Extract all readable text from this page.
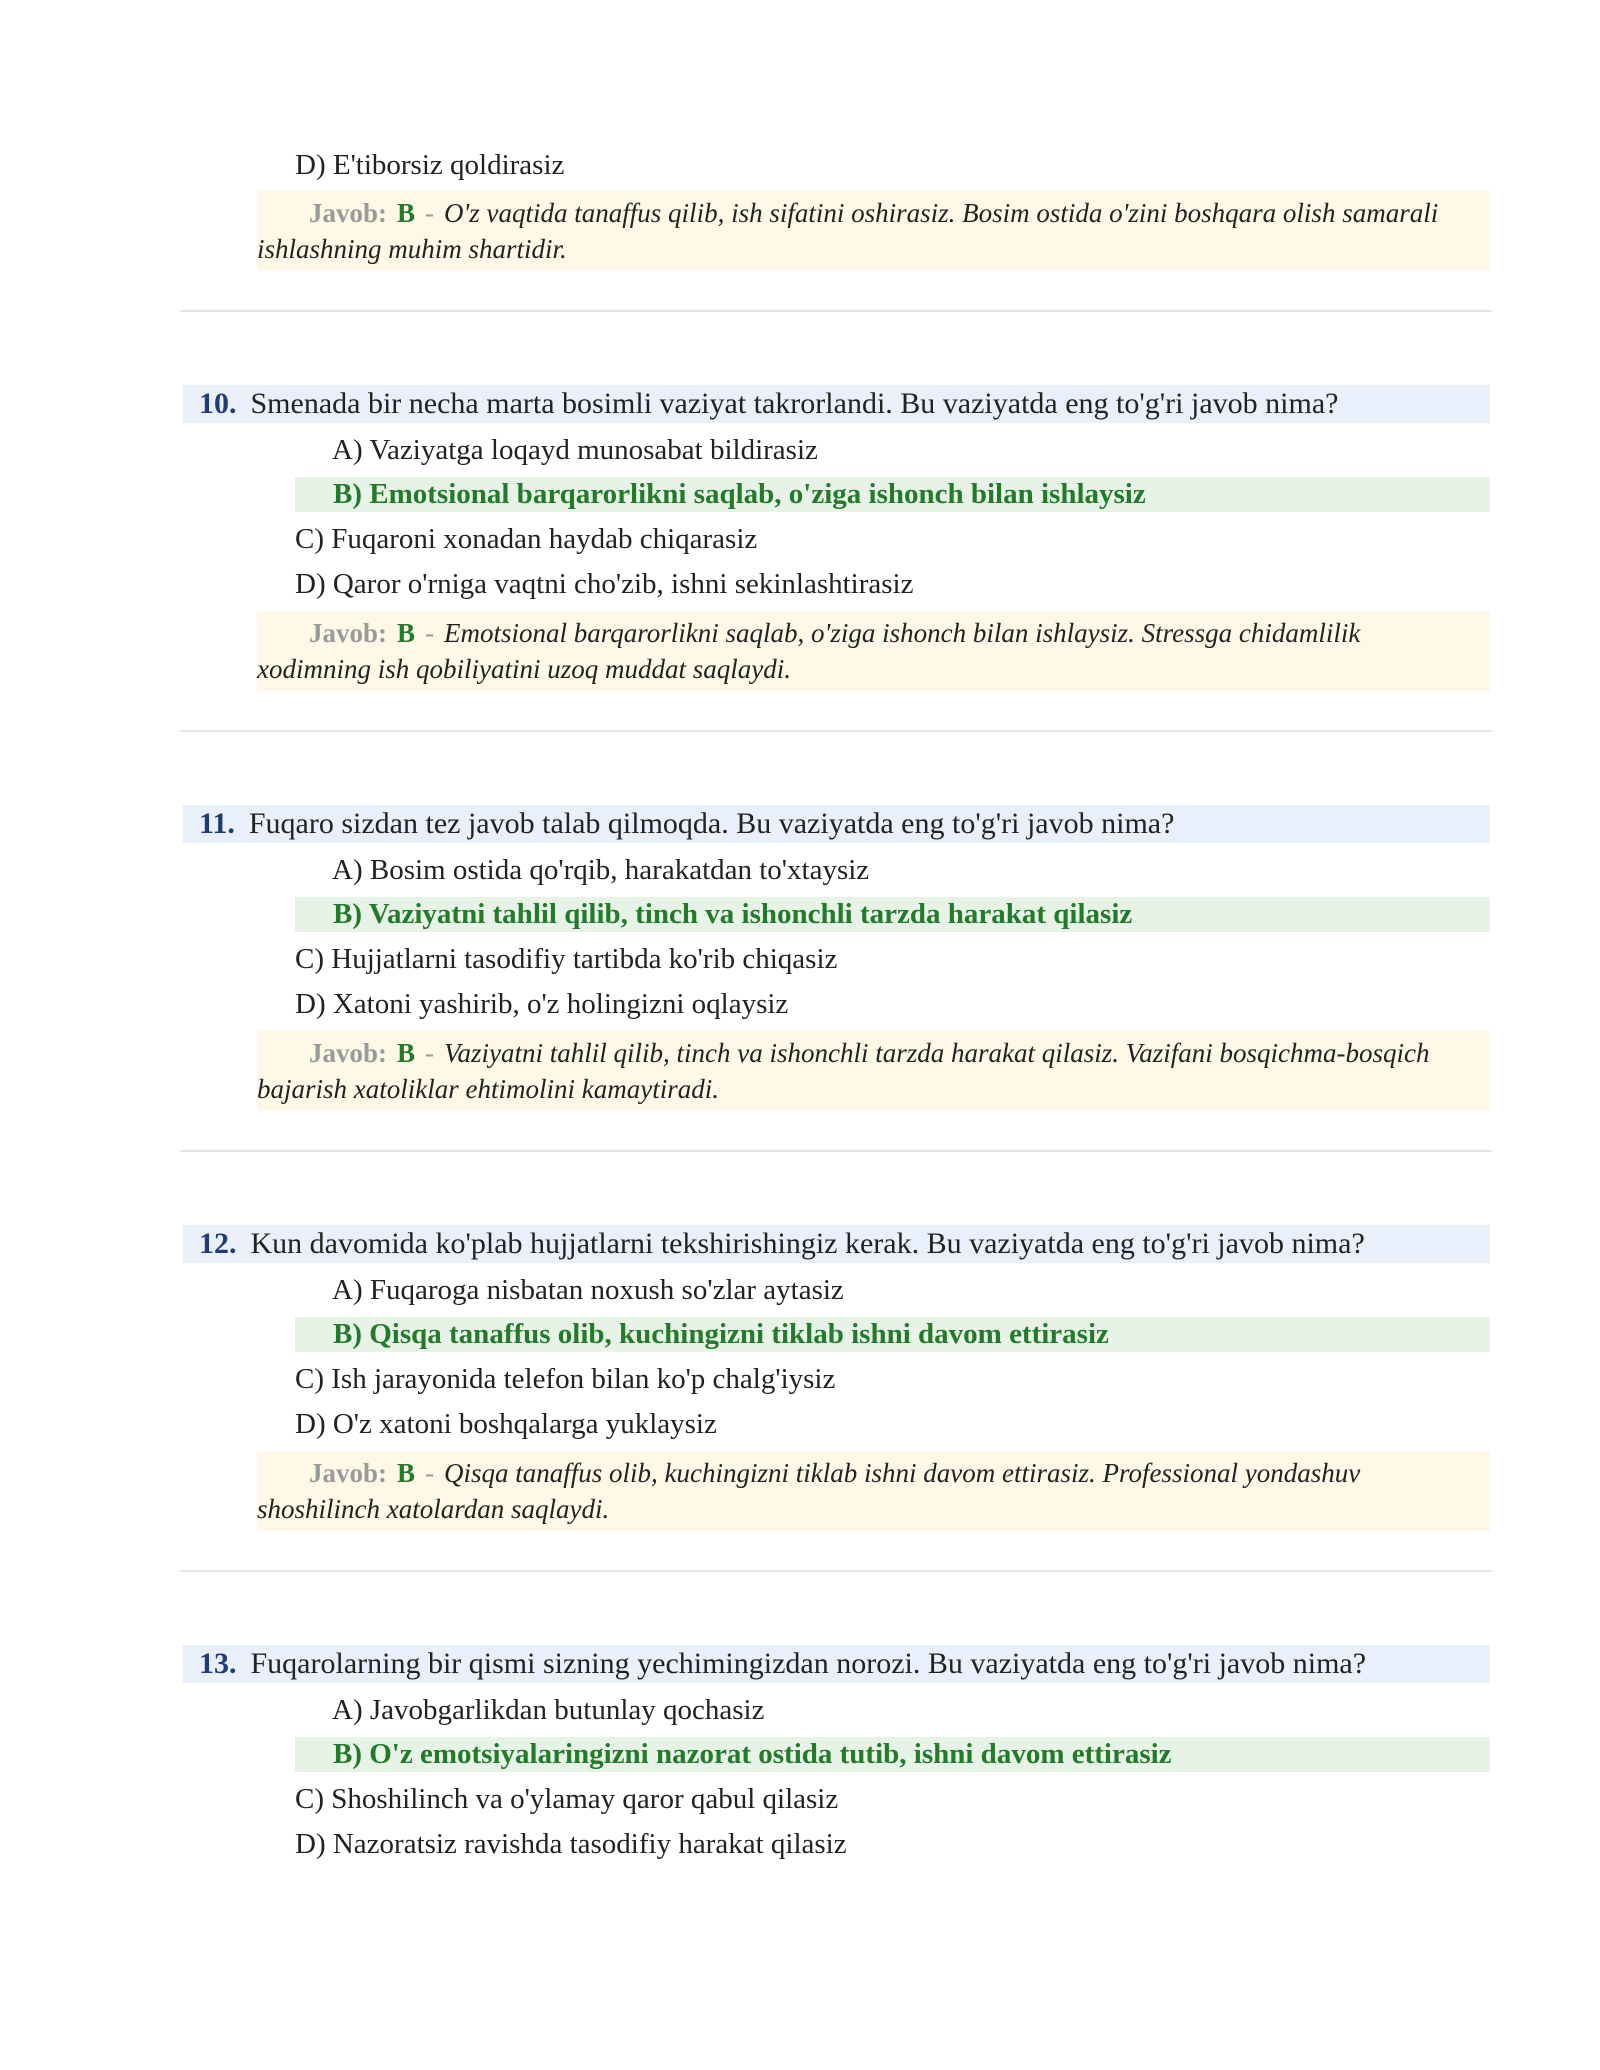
D) E'tiborsiz qoldirasiz
Javob: B - O'z vaqtida tanaffus qilib, ish sifatini oshirasiz. Bosim ostida o'zini boshqara olish samarali ishlashning muhim shartidir.
10. Smenada bir necha marta bosimli vaziyat takrorlandi. Bu vaziyatda eng to'g'ri javob nima?
A) Vaziyatga loqayd munosabat bildirasiz
B) Emotsional barqarorlikni saqlab, o'ziga ishonch bilan ishlaysiz
C) Fuqaroni xonadan haydab chiqarasiz
D) Qaror o'rniga vaqtni cho'zib, ishni sekinlashtirasiz
Javob: B - Emotsional barqarorlikni saqlab, o'ziga ishonch bilan ishlaysiz. Stressga chidamlilik xodimning ish qobiliyatini uzoq muddat saqlaydi.
11. Fuqaro sizdan tez javob talab qilmoqda. Bu vaziyatda eng to'g'ri javob nima?
A) Bosim ostida qo'rqib, harakatdan to'xtaysiz
B) Vaziyatni tahlil qilib, tinch va ishonchli tarzda harakat qilasiz
C) Hujjatlarni tasodifiy tartibda ko'rib chiqasiz
D) Xatoni yashirib, o'z holingizni oqlaysiz
Javob: B - Vaziyatni tahlil qilib, tinch va ishonchli tarzda harakat qilasiz. Vazifani bosqichma-bosqich bajarish xatoliklar ehtimolini kamaytiradi.
12. Kun davomida ko'plab hujjatlarni tekshirishingiz kerak. Bu vaziyatda eng to'g'ri javob nima?
A) Fuqaroga nisbatan noxush so'zlar aytasiz
B) Qisqa tanaffus olib, kuchingizni tiklab ishni davom ettirasiz
C) Ish jarayonida telefon bilan ko'p chalg'iysiz
D) O'z xatoni boshqalarga yuklaysiz
Javob: B - Qisqa tanaffus olib, kuchingizni tiklab ishni davom ettirasiz. Professional yondashuv shoshilinch xatolardan saqlaydi.
13. Fuqarolarning bir qismi sizning yechimingizdan norozi. Bu vaziyatda eng to'g'ri javob nima?
A) Javobgarlikdan butunlay qochasiz
B) O'z emotsiyalaringizni nazorat ostida tutib, ishni davom ettirasiz
C) Shoshilinch va o'ylamay qaror qabul qilasiz
D) Nazoratsiz ravishda tasodifiy harakat qilasiz
